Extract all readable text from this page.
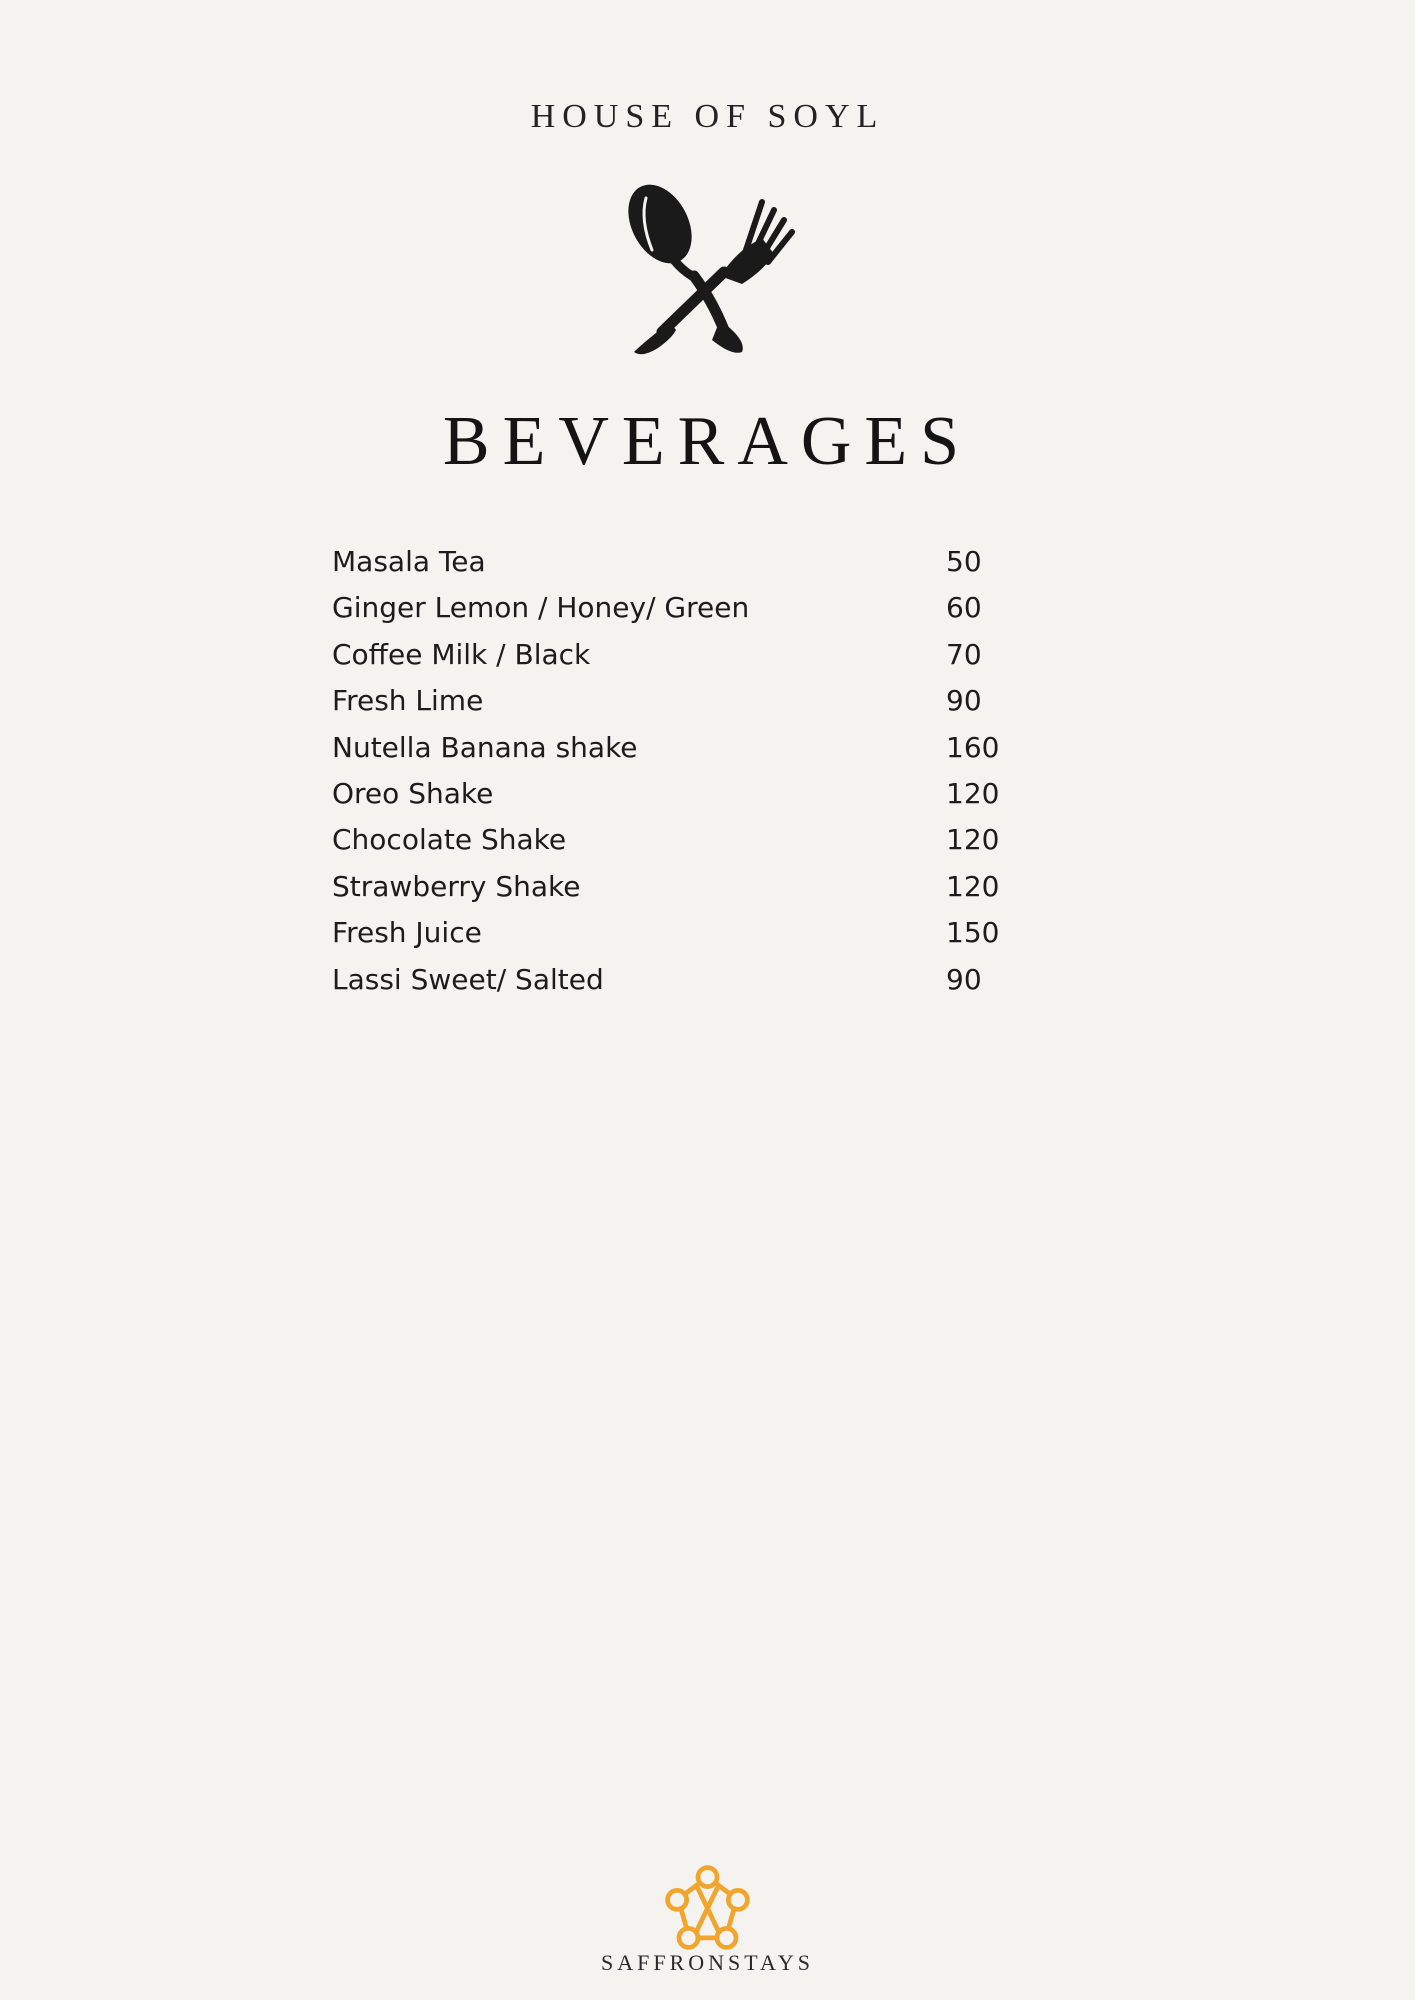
HOUSE OF SOYL
BEVERAGES
Masala Tea	50
Ginger Lemon / Honey/ Green	60
Coffee Milk / Black	70
Fresh Lime	90
Nutella Banana shake	160
Oreo Shake	120
Chocolate Shake	120
Strawberry Shake	120
Fresh Juice	150
Lassi Sweet/ Salted	90
SAFFRONSTAYS
